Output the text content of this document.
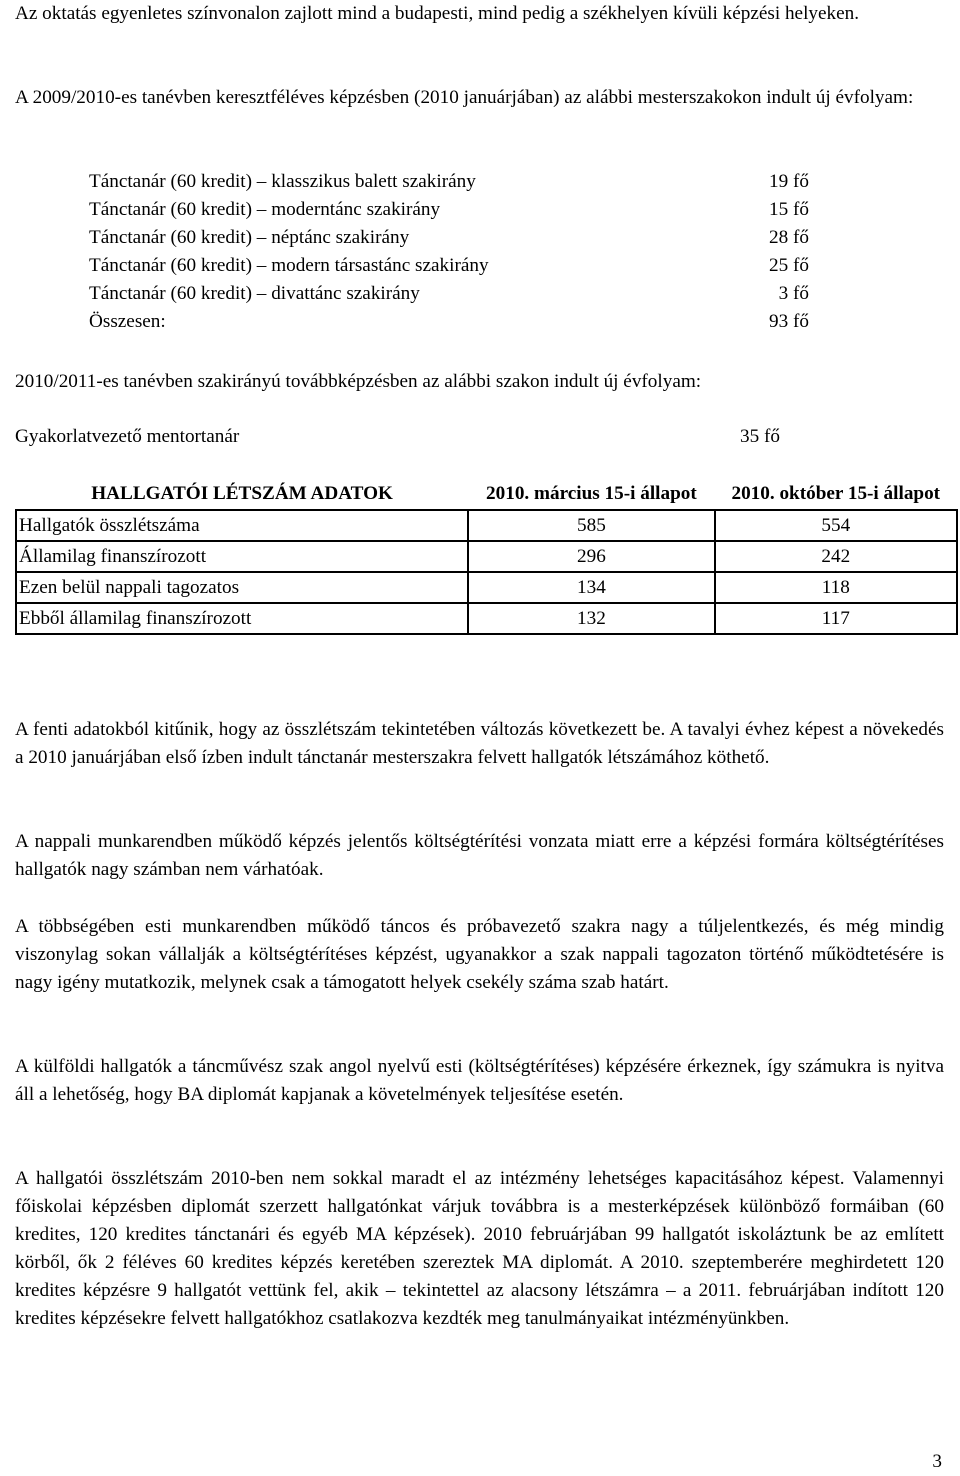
Az oktatás egyenletes színvonalon zajlott mind a budapesti, mind pedig a székhelyen kívüli képzési helyeken.

A 2009/2010-es tanévben keresztféléves képzésben (2010 januárjában) az alábbi mesterszakokon indult új évfolyam:

Tánctanár (60 kredit) – klasszikus balett szakirány	19 fő
Tánctanár (60 kredit) – moderntánc szakirány	15 fő
Tánctanár (60 kredit) – néptánc szakirány	28 fő
Tánctanár (60 kredit) – modern társastánc szakirány	25 fő
Tánctanár (60 kredit) – divattánc szakirány	3 fő
Összesen:	93 fő

2010/2011-es tanévben szakirányú továbbképzésben az alábbi szakon indult új évfolyam:

Gyakorlatvezető mentortanár	35 fő
HALLGATÓI LÉTSZÁM ADATOK	2010. március 15-i állapot	2010. október 15-i állapot
Hallgatók összlétszáma	585	554
Államilag finanszírozott	296	242
Ezen belül nappali tagozatos	134	118
Ebből államilag finanszírozott	132	117

A fenti adatokból kitűnik, hogy az összlétszám tekintetében változás következett be. A tavalyi évhez képest a növekedés a 2010 januárjában első ízben indult tánctanár mesterszakra felvett hallgatók létszámához köthető.

A nappali munkarendben működő képzés jelentős költségtérítési vonzata miatt erre a képzési formára költségtérítéses hallgatók nagy számban nem várhatóak.

A többségében esti munkarendben működő táncos és próbavezető szakra nagy a túljelentkezés, és még mindig viszonylag sokan vállalják a költségtérítéses képzést, ugyanakkor a szak nappali tagozaton történő működtetésére is nagy igény mutatkozik, melynek csak a támogatott helyek csekély száma szab határt.

A külföldi hallgatók a táncművész szak angol nyelvű esti (költségtérítéses) képzésére érkeznek, így számukra is nyitva áll a lehetőség, hogy BA diplomát kapjanak a követelmények teljesítése esetén.

A hallgatói összlétszám 2010-ben nem sokkal maradt el az intézmény lehetséges kapacitásához képest. Valamennyi főiskolai képzésben diplomát szerzett hallgatónkat várjuk továbbra is a mesterképzések különböző formáiban (60 kredites, 120 kredites tánctanári és egyéb MA képzések). 2010 februárjában 99 hallgatót iskoláztunk be az említett körből, ők 2 féléves 60 kredites képzés keretében szereztek MA diplomát. A 2010. szeptemberére meghirdetett 120 kredites képzésre 9 hallgatót vettünk fel, akik – tekintettel az alacsony létszámra – a 2011. februárjában indított 120 kredites képzésekre felvett hallgatókhoz csatlakozva kezdték meg tanulmányaikat intézményünkben.

3
